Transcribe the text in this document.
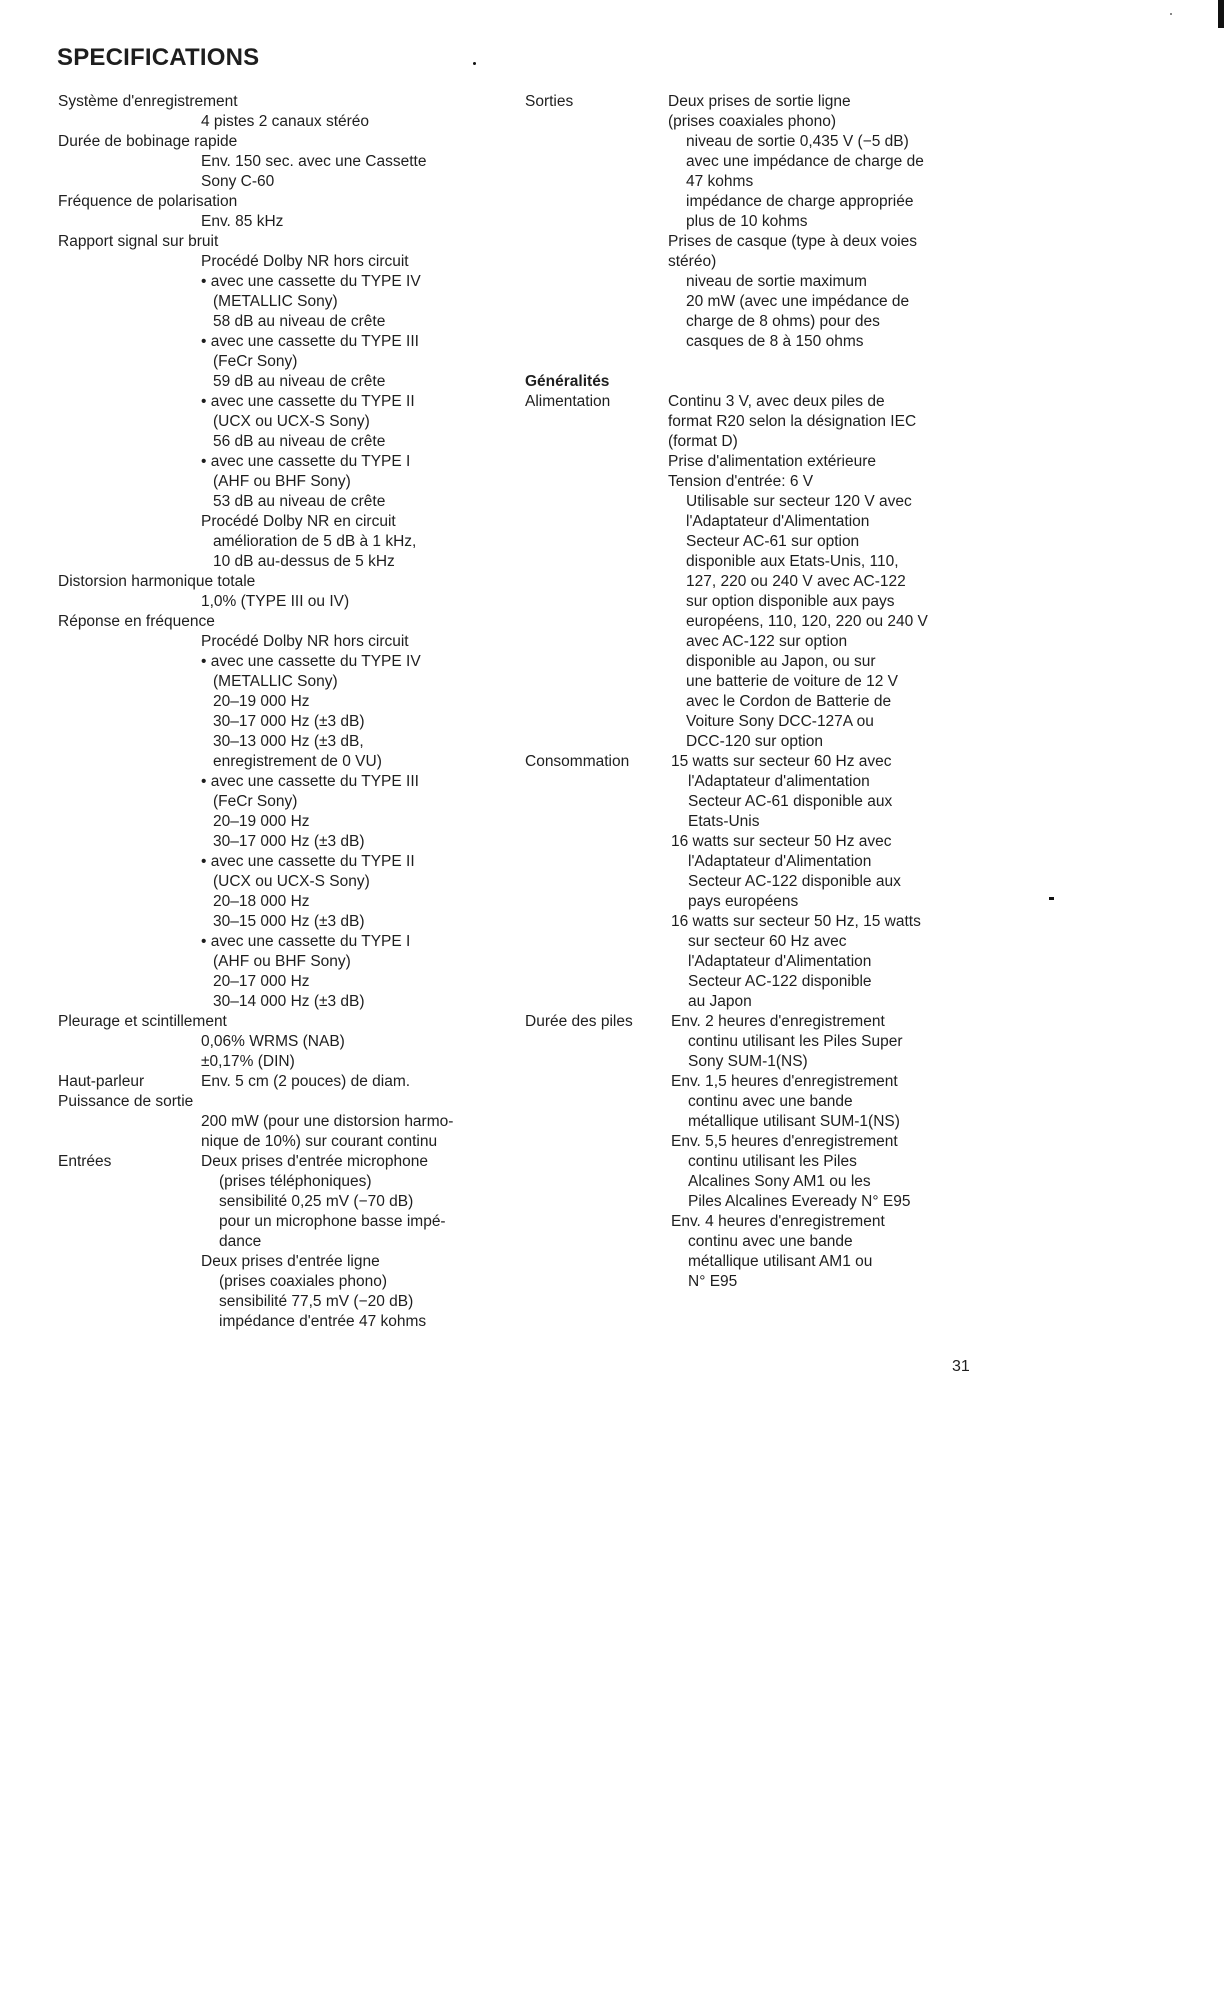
SPECIFICATIONS
Système d'enregistrement
4 pistes 2 canaux stéréo
Durée de bobinage rapide
Env. 150 sec. avec une Cassette
Sony C-60
Fréquence de polarisation
Env. 85 kHz
Rapport signal sur bruit
Procédé Dolby NR hors circuit
• avec une cassette du TYPE IV
(METALLIC Sony)
58 dB au niveau de crête
• avec une cassette du TYPE III
(FeCr Sony)
59 dB au niveau de crête
• avec une cassette du TYPE II
(UCX ou UCX-S Sony)
56 dB au niveau de crête
• avec une cassette du TYPE I
(AHF ou BHF Sony)
53 dB au niveau de crête
Procédé Dolby NR en circuit
amélioration de 5 dB à 1 kHz,
10 dB au-dessus de 5 kHz
Distorsion harmonique totale
1,0% (TYPE III ou IV)
Réponse en fréquence
Procédé Dolby NR hors circuit
• avec une cassette du TYPE IV
(METALLIC Sony)
20–19 000 Hz
30–17 000 Hz (±3 dB)
30–13 000 Hz (±3 dB,
enregistrement de 0 VU)
• avec une cassette du TYPE III
(FeCr Sony)
20–19 000 Hz
30–17 000 Hz (±3 dB)
• avec une cassette du TYPE II
(UCX ou UCX-S Sony)
20–18 000 Hz
30–15 000 Hz (±3 dB)
• avec une cassette du TYPE I
(AHF ou BHF Sony)
20–17 000 Hz
30–14 000 Hz (±3 dB)
Pleurage et scintillement
0,06% WRMS (NAB)
±0,17% (DIN)
Haut-parleur	Env. 5 cm (2 pouces) de diam.
Puissance de sortie
200 mW (pour une distorsion harmo-
nique de 10%) sur courant continu
Entrées	Deux prises d'entrée microphone
(prises téléphoniques)
sensibilité 0,25 mV (−70 dB)
pour un microphone basse impé-
dance
Deux prises d'entrée ligne
(prises coaxiales phono)
sensibilité 77,5 mV (−20 dB)
impédance d'entrée 47 kohms
Sorties	Deux prises de sortie ligne
(prises coaxiales phono)
niveau de sortie 0,435 V (−5 dB)
avec une impédance de charge de
47 kohms
impédance de charge appropriée
plus de 10 kohms
Prises de casque (type à deux voies
stéréo)
niveau de sortie maximum
20 mW (avec une impédance de
charge de 8 ohms) pour des
casques de 8 à 150 ohms
Généralités
Alimentation	Continu 3 V, avec deux piles de
format R20 selon la désignation IEC
(format D)
Prise d'alimentation extérieure
Tension d'entrée: 6 V
Utilisable sur secteur 120 V avec
l'Adaptateur d'Alimentation
Secteur AC-61 sur option
disponible aux Etats-Unis, 110,
127, 220 ou 240 V avec AC-122
sur option disponible aux pays
européens, 110, 120, 220 ou 240 V
avec AC-122 sur option
disponible au Japon, ou sur
une batterie de voiture de 12 V
avec le Cordon de Batterie de
Voiture Sony DCC-127A ou
DCC-120 sur option
Consommation	15 watts sur secteur 60 Hz avec
l'Adaptateur d'alimentation
Secteur AC-61 disponible aux
Etats-Unis
16 watts sur secteur 50 Hz avec
l'Adaptateur d'Alimentation
Secteur AC-122 disponible aux
pays européens
16 watts sur secteur 50 Hz, 15 watts
sur secteur 60 Hz avec
l'Adaptateur d'Alimentation
Secteur AC-122 disponible
au Japon
Durée des piles Env. 2 heures d'enregistrement
continu utilisant les Piles Super
Sony SUM-1(NS)
Env. 1,5 heures d'enregistrement
continu avec une bande
métallique utilisant SUM-1(NS)
Env. 5,5 heures d'enregistrement
continu utilisant les Piles
Alcalines Sony AM1 ou les
Piles Alcalines Eveready N° E95
Env. 4 heures d'enregistrement
continu avec une bande
métallique utilisant AM1 ou
N° E95
31
